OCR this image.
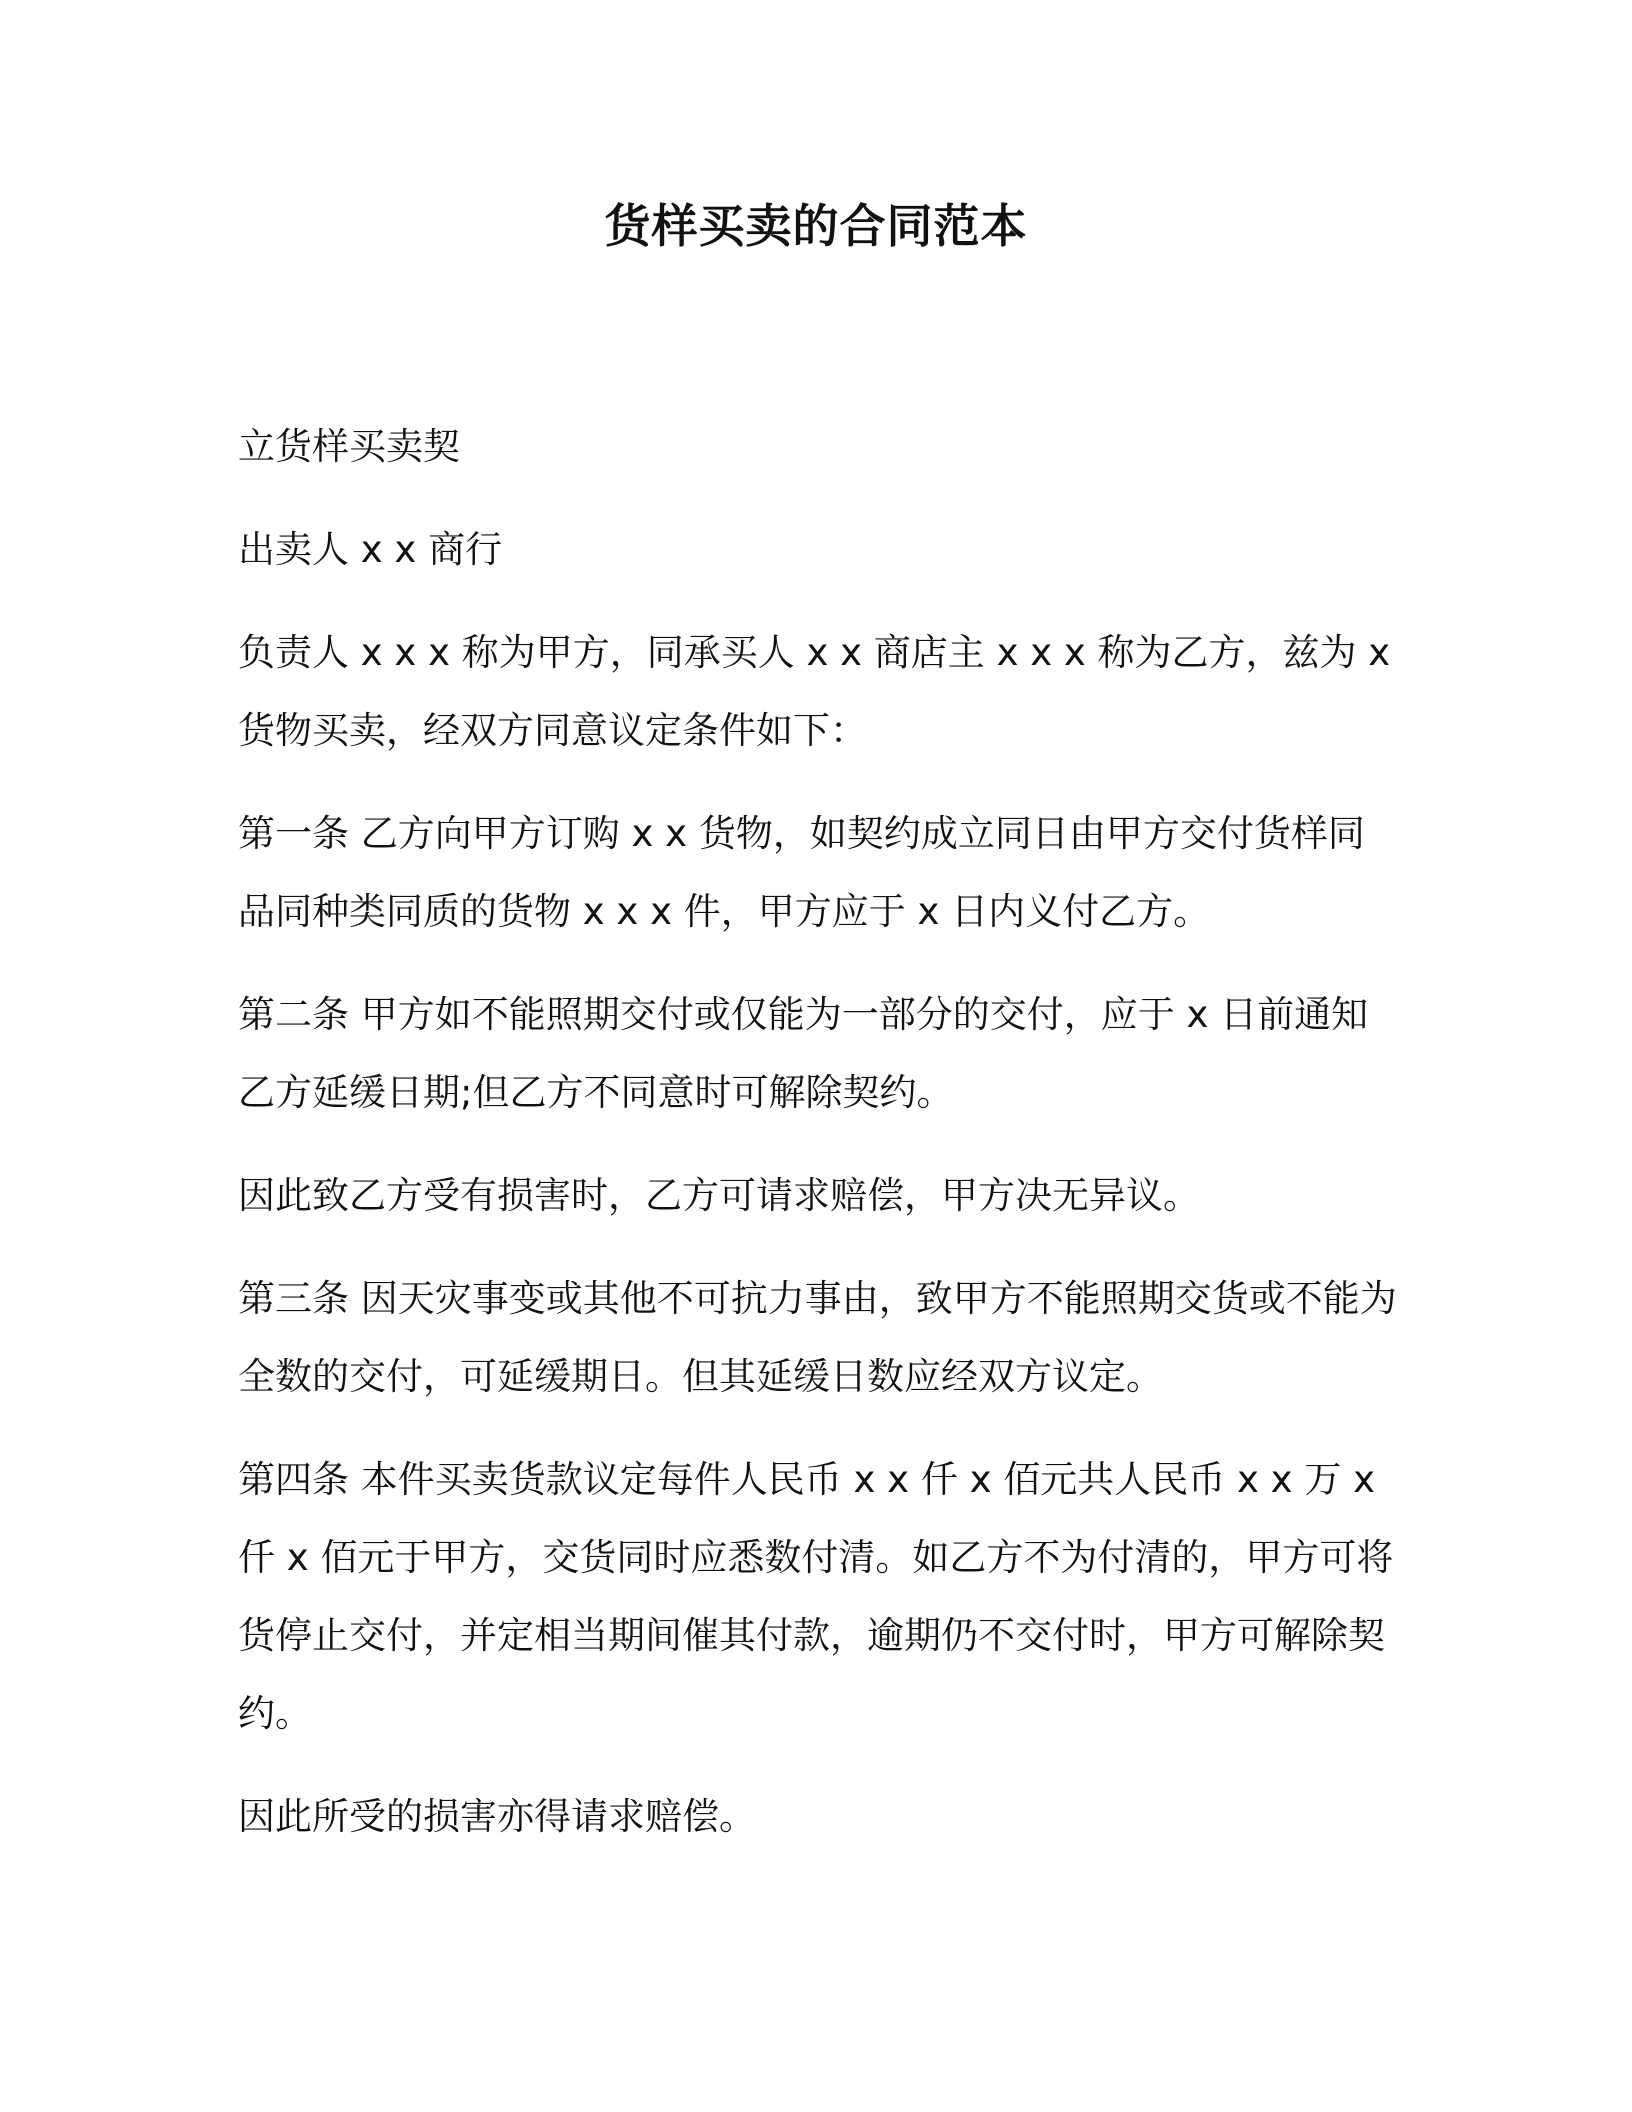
货样买卖的合同范本

立货样买卖契

出卖人 x x 商行

负责人 x x x 称为甲方，同承买人 x x 商店主 x x x 称为乙方，兹为 x 货物买卖，经双方同意议定条件如下：

第一条 乙方向甲方订购 x x 货物，如契约成立同日由甲方交付货样同品同种类同质的货物 x x x 件，甲方应于 x 日内义付乙方。

第二条 甲方如不能照期交付或仅能为一部分的交付，应于 x 日前通知乙方延缓日期;但乙方不同意时可解除契约。

因此致乙方受有损害时，乙方可请求赔偿，甲方决无异议。

第三条 因天灾事变或其他不可抗力事由，致甲方不能照期交货或不能为全数的交付，可延缓期日。但其延缓日数应经双方议定。

第四条 本件买卖货款议定每件人民币 x x 仟 x 佰元共人民币 x x 万 x 仟 x 佰元于甲方，交货同时应悉数付清。如乙方不为付清的，甲方可将货停止交付，并定相当期间催其付款，逾期仍不交付时，甲方可解除契约。

因此所受的损害亦得请求赔偿。
